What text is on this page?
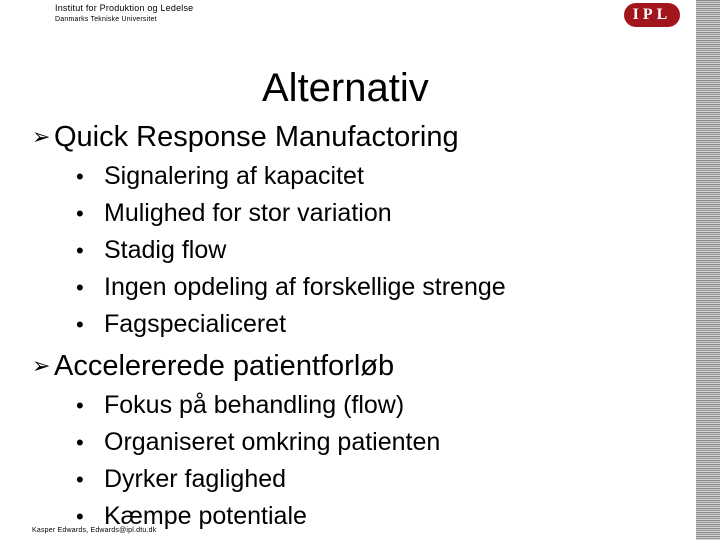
Institut for Produktion og Ledelse
Danmarks Tekniske Universitet	IPL
Alternativ
➢ Quick Response Manufactoring
• Signalering af kapacitet
• Mulighed for stor variation
• Stadig flow
• Ingen opdeling af forskellige strenge
• Fagspecialiceret
➢ Accelererede patientforløb
• Fokus på behandling (flow)
• Organiseret omkring patienten
• Dyrker faglighed
• Kæmpe potentiale
Kasper Edwards, Edwards@ipl.dtu.dk
